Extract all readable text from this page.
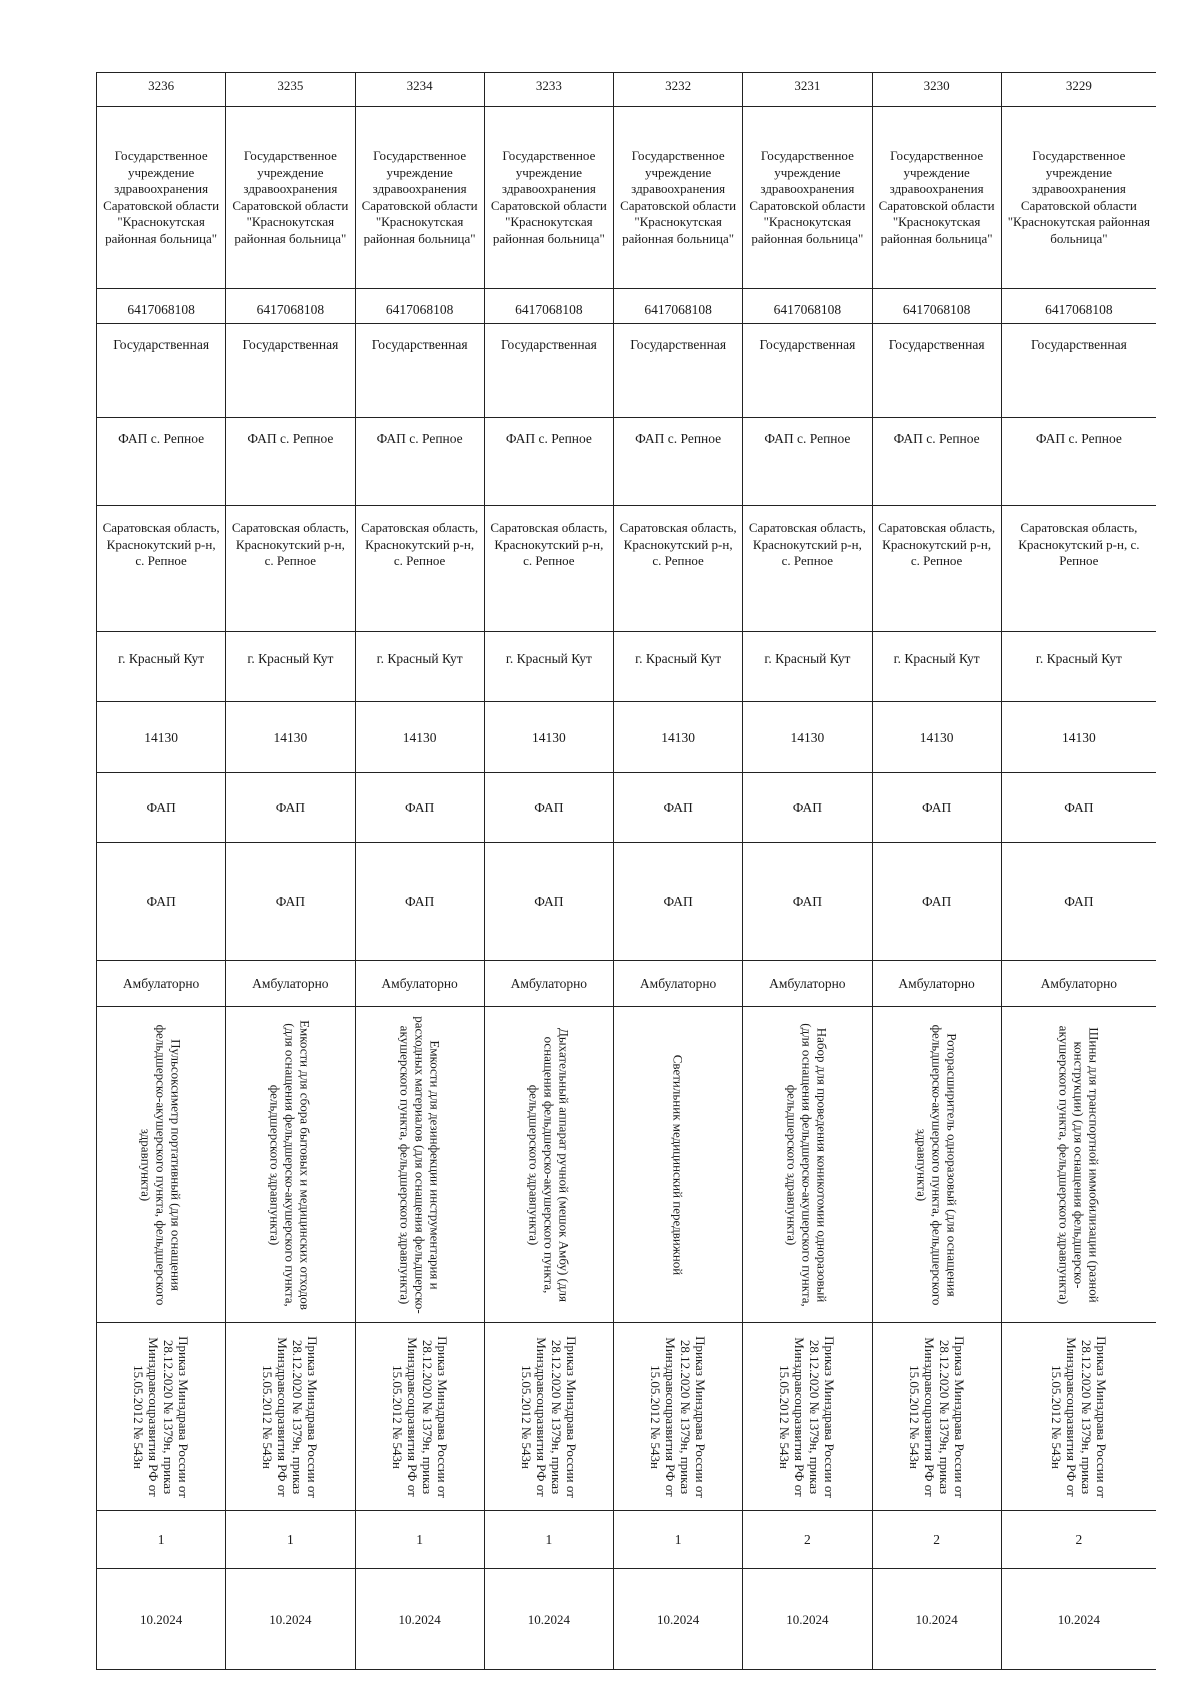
3236	3235	3234	3233	3232	3231	3230	3229
Государственное учреждение здравоохранения Саратовской области "Краснокутская районная больница"	Государственное учреждение здравоохранения Саратовской области "Краснокутская районная больница"	Государственное учреждение здравоохранения Саратовской области "Краснокутская районная больница"	Государственное учреждение здравоохранения Саратовской области "Краснокутская районная больница"	Государственное учреждение здравоохранения Саратовской области "Краснокутская районная больница"	Государственное учреждение здравоохранения Саратовской области "Краснокутская районная больница"	Государственное учреждение здравоохранения Саратовской области "Краснокутская районная больница"	Государственное учреждение здравоохранения Саратовской области "Краснокутская районная больница"
6417068108	6417068108	6417068108	6417068108	6417068108	6417068108	6417068108	6417068108
Государственная	Государственная	Государственная	Государственная	Государственная	Государственная	Государственная	Государственная
ФАП с. Репное	ФАП с. Репное	ФАП с. Репное	ФАП с. Репное	ФАП с. Репное	ФАП с. Репное	ФАП с. Репное	ФАП с. Репное
Саратовская область, Краснокутский р-н, с. Репное	Саратовская область, Краснокутский р-н, с. Репное	Саратовская область, Краснокутский р-н, с. Репное	Саратовская область, Краснокутский р-н, с. Репное	Саратовская область, Краснокутский р-н, с. Репное	Саратовская область, Краснокутский р-н, с. Репное	Саратовская область, Краснокутский р-н, с. Репное	Саратовская область, Краснокутский р-н, с. Репное
г. Красный Кут	г. Красный Кут	г. Красный Кут	г. Красный Кут	г. Красный Кут	г. Красный Кут	г. Красный Кут	г. Красный Кут
14130	14130	14130	14130	14130	14130	14130	14130
ФАП	ФАП	ФАП	ФАП	ФАП	ФАП	ФАП	ФАП
ФАП	ФАП	ФАП	ФАП	ФАП	ФАП	ФАП	ФАП
Амбулаторно	Амбулаторно	Амбулаторно	Амбулаторно	Амбулаторно	Амбулаторно	Амбулаторно	Амбулаторно

Пульсоксиметр портативный (для оснащения фельдшерско-акушерского пункта, фельдшерского здравпункта)	Емкости для сбора бытовых и медицинских отходов (для оснащения фельдшерско-акушерского пункта, фельдшерского здравпункта)	Емкости для дезинфекции инструментария и расходных материалов (для оснащения фельдшерско-акушерского пункта, фельдшерского здравпункта)	Дыхательный аппарат ручной (мешок Амбу) (для оснащения фельдшерско-акушерского пункта, фельдшерского здравпункта)	Светильник медицинский передвижной	Набор для проведения коникотомии одноразовый (для оснащения фельдшерско-акушерского пункта, фельдшерского здравпункта)	Роторасширитель одноразовый (для оснащения фельдшерско-акушерского пункта, фельдшерского здравпункта)	Шины для транспортной иммобилизации (разной конструкции) (для оснащения фельдшерско-акушерского пункта, фельдшерского здравпункта)

Приказ Минздрава России от 28.12.2020 № 1379н, приказ Минздравсоцразвития РФ от 15.05.2012 № 543н	Приказ Минздрава России от 28.12.2020 № 1379н, приказ Минздравсоцразвития РФ от 15.05.2012 № 543н	Приказ Минздрава России от 28.12.2020 № 1379н, приказ Минздравсоцразвития РФ от 15.05.2012 № 543н	Приказ Минздрава России от 28.12.2020 № 1379н, приказ Минздравсоцразвития РФ от 15.05.2012 № 543н	Приказ Минздрава России от 28.12.2020 № 1379н, приказ Минздравсоцразвития РФ от 15.05.2012 № 543н	Приказ Минздрава России от 28.12.2020 № 1379н, приказ Минздравсоцразвития РФ от 15.05.2012 № 543н	Приказ Минздрава России от 28.12.2020 № 1379н, приказ Минздравсоцразвития РФ от 15.05.2012 № 543н	Приказ Минздрава России от 28.12.2020 № 1379н, приказ Минздравсоцразвития РФ от 15.05.2012 № 543н

1	1	1	1	1	2	2	2
10.2024	10.2024	10.2024	10.2024	10.2024	10.2024	10.2024	10.2024
